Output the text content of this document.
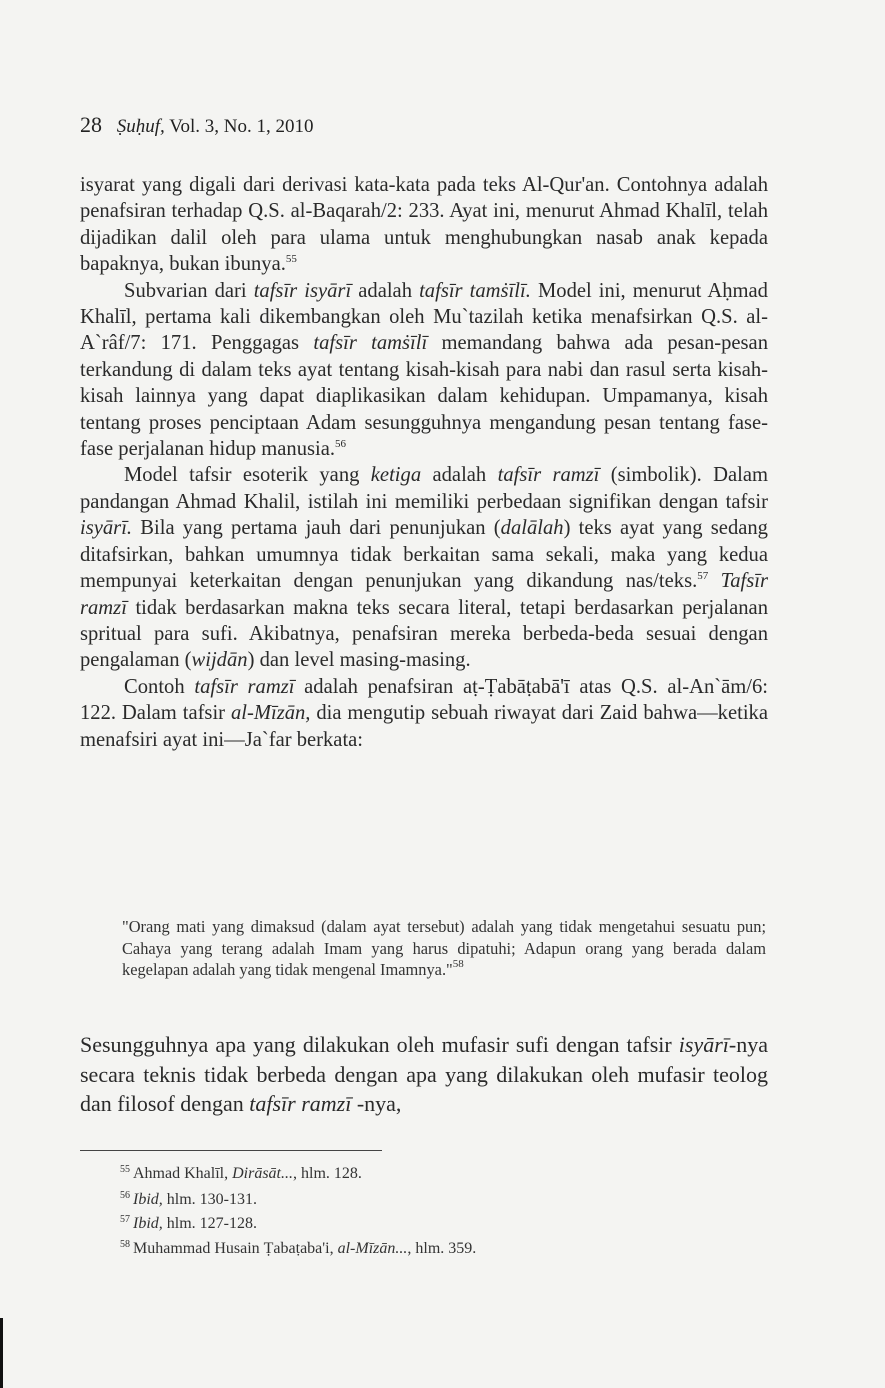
28 Ṣuḥuf, Vol. 3, No. 1, 2010

isyarat yang digali dari derivasi kata-kata pada teks Al-Qur'an. Contohnya adalah penafsiran terhadap Q.S. al-Baqarah/2: 233. Ayat ini, menurut Ahmad Khalīl, telah dijadikan dalil oleh para ulama untuk menghubungkan nasab anak kepada bapaknya, bukan ibunya.$^{55}$

Subvarian dari tafsīr isyārī adalah tafsīr tamṡīlī. Model ini, menurut Aḥmad Khalīl, pertama kali dikembangkan oleh Mu`tazilah ketika menafsirkan Q.S. al-A`râf/7: 171. Penggagas tafsīr tamṡīlī memandang bahwa ada pesan-pesan terkandung di dalam teks ayat tentang kisah-kisah para nabi dan rasul serta kisah-kisah lainnya yang dapat diaplikasikan dalam kehidupan. Umpamanya, kisah tentang proses penciptaan Adam sesungguhnya mengandung pesan tentang fase-fase perjalanan hidup manusia.$^{56}$

Model tafsir esoterik yang ketiga adalah tafsīr ramzī (simbolik). Dalam pandangan Ahmad Khalil, istilah ini memiliki perbedaan signifikan dengan tafsir isyārī. Bila yang pertama jauh dari penunjukan (dalālah) teks ayat yang sedang ditafsirkan, bahkan umumnya tidak berkaitan sama sekali, maka yang kedua mempunyai keterkaitan dengan penunjukan yang dikandung nas/teks.$^{57}$ Tafsīr ramzī tidak berdasarkan makna teks secara literal, tetapi berdasarkan perjalanan spritual para sufi. Akibatnya, penafsiran mereka berbeda-beda sesuai dengan pengalaman (wijdān) dan level masing-masing.

Contoh tafsīr ramzī adalah penafsiran aṭ-Ṭabāṭabā'ī atas Q.S. al-An`ām/6: 122. Dalam tafsir al-Mīzān, dia mengutip sebuah riwayat dari Zaid bahwa—ketika menafsiri ayat ini—Ja`far berkata:

"Orang mati yang dimaksud (dalam ayat tersebut) adalah yang tidak mengetahui sesuatu pun; Cahaya yang terang adalah Imam yang harus dipatuhi; Adapun orang yang berada dalam kegelapan adalah yang tidak mengenal Imamnya."$^{58}$
Sesungguhnya apa yang dilakukan oleh mufasir sufi dengan tafsir isyārī-nya secara teknis tidak berbeda dengan apa yang dilakukan oleh mufasir teolog dan filosof dengan tafsīr ramzī -nya,
$^{55}$ Ahmad Khalīl, Dirāsāt..., hlm. 128.
$^{56}$ Ibid, hlm. 130-131.
$^{57}$ Ibid, hlm. 127-128.
$^{58}$ Muhammad Husain Ṭabaṭaba'i, al-Mīzān..., hlm. 359.
